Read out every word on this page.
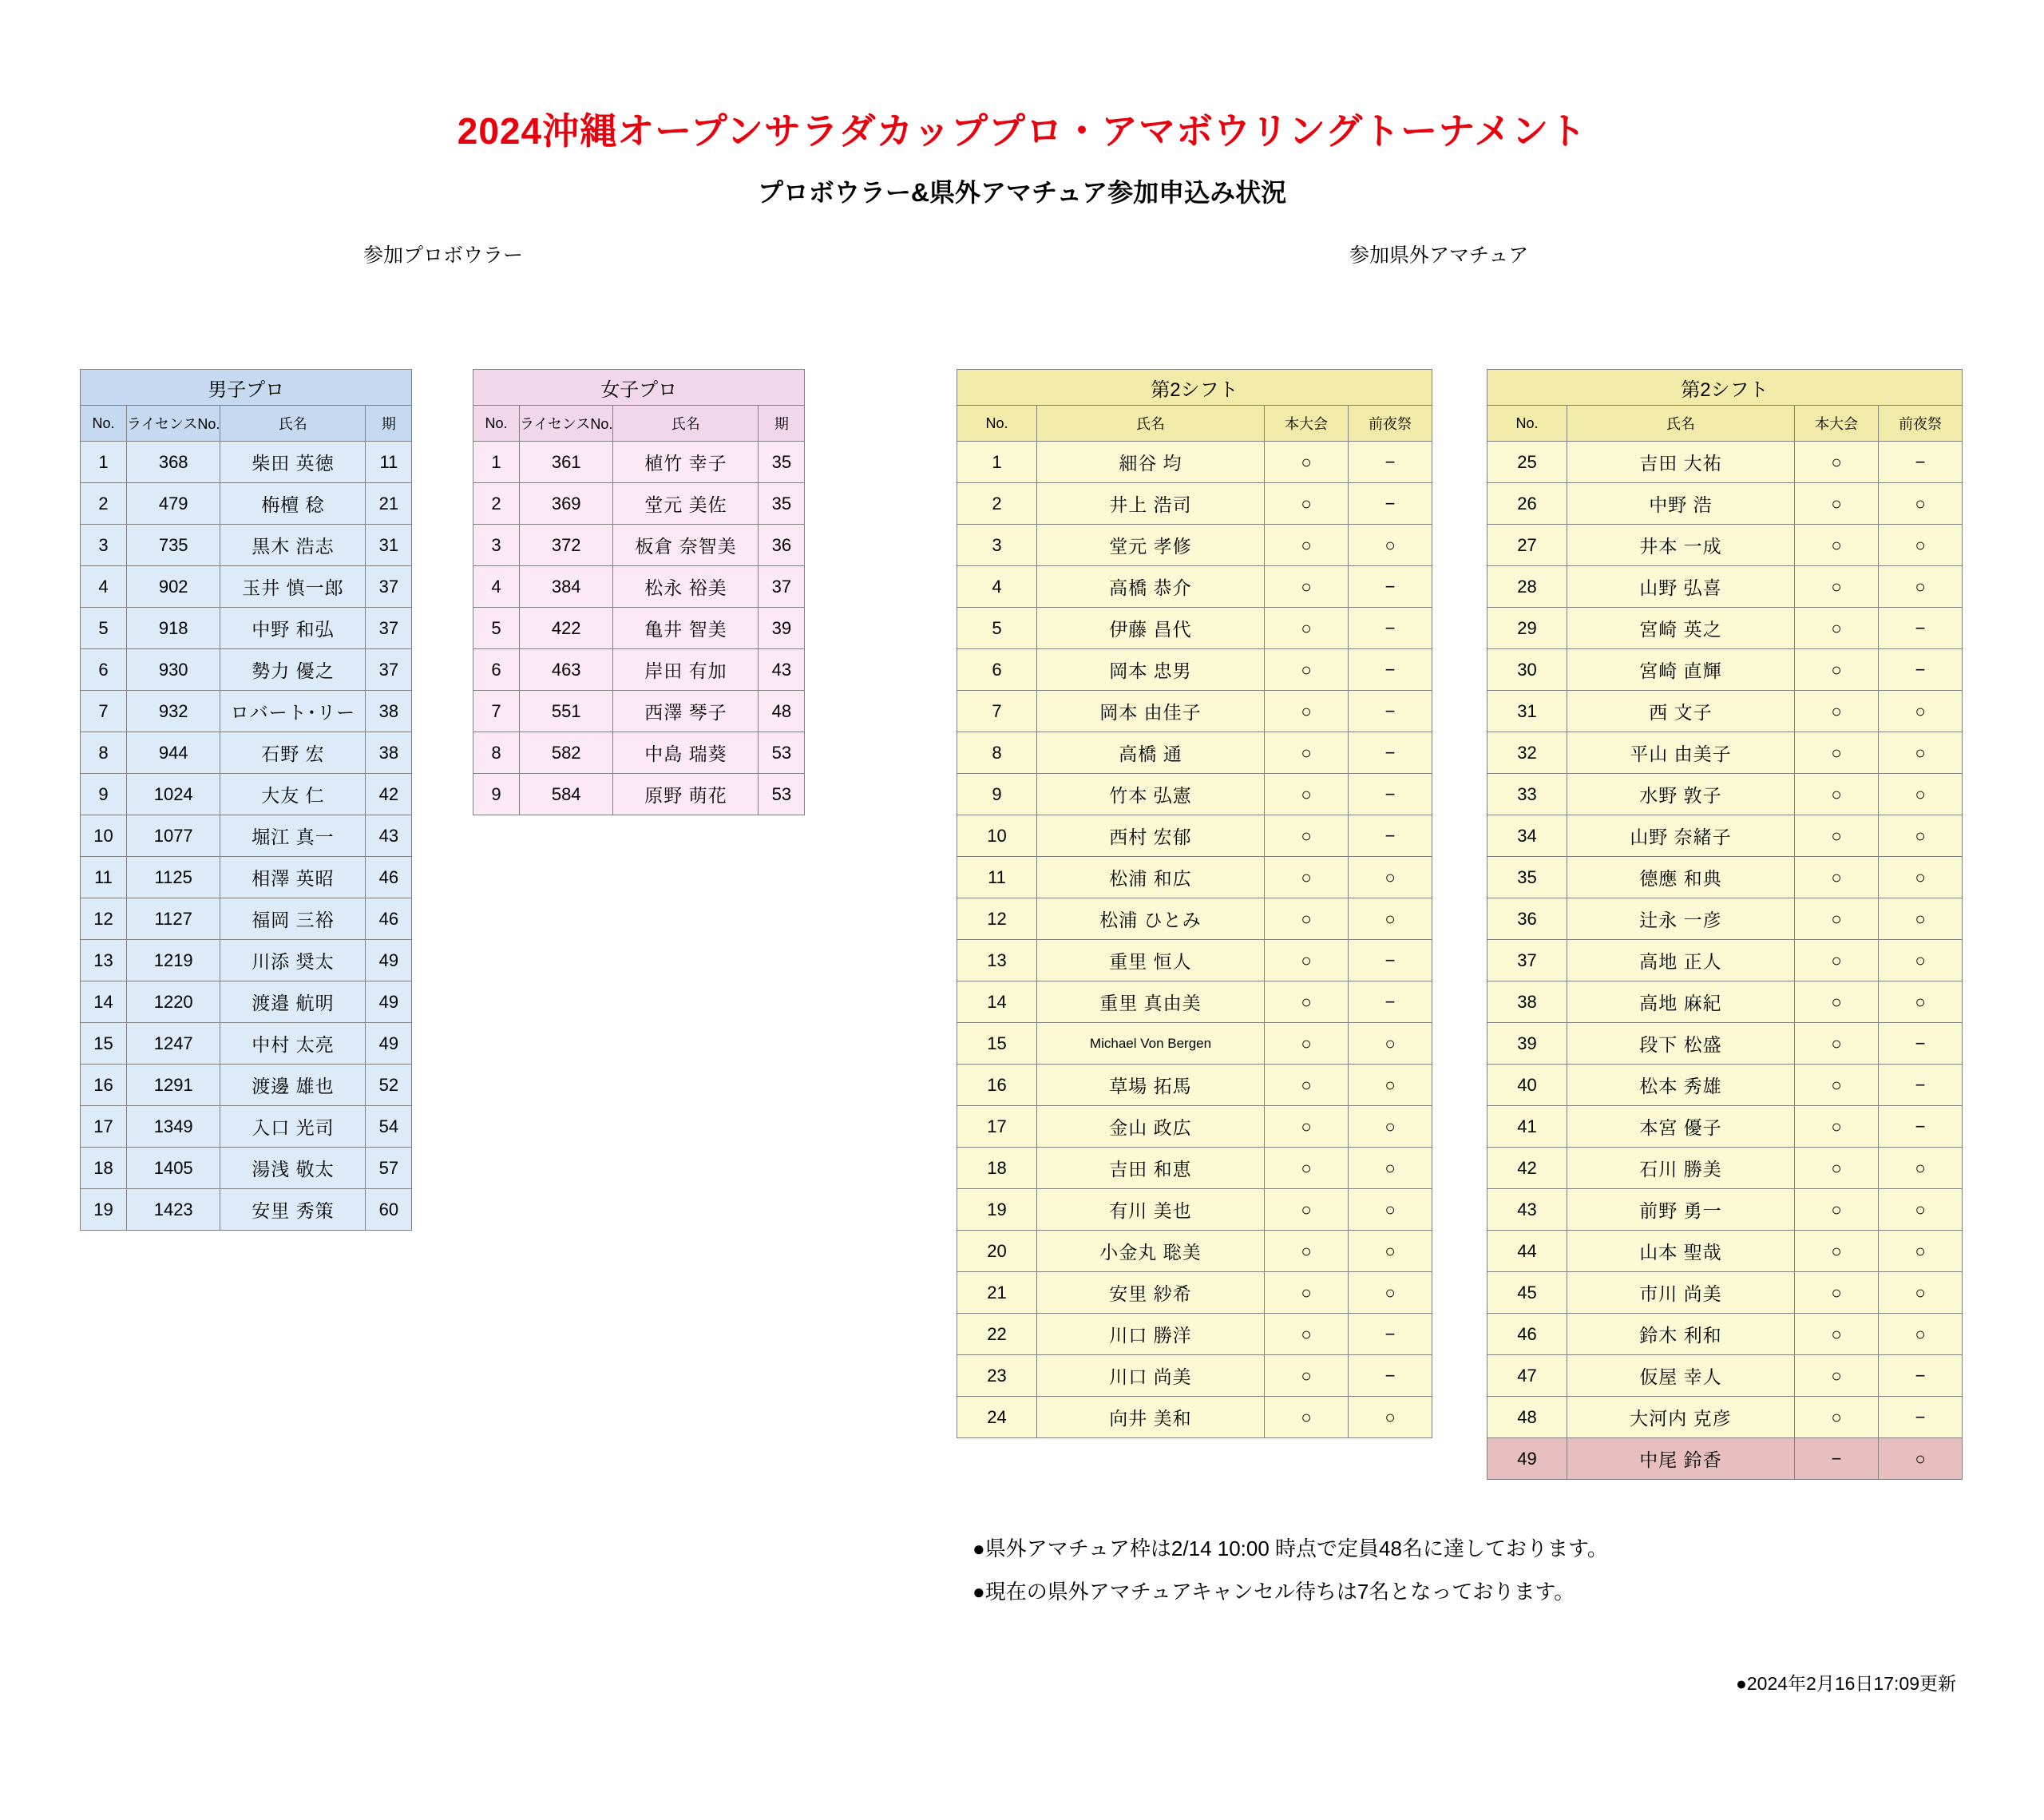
2024沖縄オープンサラダカッププロ・アマボウリングトーナメント
プロボウラー&県外アマチュア参加申込み状況
参加プロボウラー	参加県外アマチュア
男子プロ			
No.	ライセンスNo.	氏名	期
1	368	柴田 英徳	11
2	479	栴檀 稔	21
3	735	黒木 浩志	31
4	902	玉井 慎一郎	37
5	918	中野 和弘	37
6	930	勢力 優之	37
7	932	ロバート･リー	38
8	944	石野 宏	38
9	1024	大友 仁	42
10	1077	堀江 真一	43
11	1125	相澤 英昭	46
12	1127	福岡 三裕	46
13	1219	川添 奨太	49
14	1220	渡邉 航明	49
15	1247	中村 太亮	49
16	1291	渡邊 雄也	52
17	1349	入口 光司	54
18	1405	湯浅 敬太	57
19	1423	安里 秀策	60
女子プロ			
No.	ライセンスNo.	氏名	期
1	361	植竹 幸子	35
2	369	堂元 美佐	35
3	372	板倉 奈智美	36
4	384	松永 裕美	37
5	422	亀井 智美	39
6	463	岸田 有加	43
7	551	西澤 琴子	48
8	582	中島 瑞葵	53
9	584	原野 萌花	53
第2シフト			
No.	氏名	本大会	前夜祭
1	細谷 均	○	−
2	井上 浩司	○	−
3	堂元 孝修	○	○
4	高橋 恭介	○	−
5	伊藤 昌代	○	−
6	岡本 忠男	○	−
7	岡本 由佳子	○	−
8	高橋 通	○	−
9	竹本 弘憲	○	−
10	西村 宏郁	○	−
11	松浦 和広	○	○
12	松浦 ひとみ	○	○
13	重里 恒人	○	−
14	重里 真由美	○	−
15	Michael Von Bergen	○	○
16	草場 拓馬	○	○
17	金山 政広	○	○
18	吉田 和恵	○	○
19	有川 美也	○	○
20	小金丸 聡美	○	○
21	安里 紗希	○	○
22	川口 勝洋	○	−
23	川口 尚美	○	−
24	向井 美和	○	○
第2シフト			
No.	氏名	本大会	前夜祭
25	吉田 大祐	○	−
26	中野 浩	○	○
27	井本 一成	○	○
28	山野 弘喜	○	○
29	宮崎 英之	○	−
30	宮崎 直輝	○	−
31	西 文子	○	○
32	平山 由美子	○	○
33	水野 敦子	○	○
34	山野 奈緒子	○	○
35	德應 和典	○	○
36	辻永 一彦	○	○
37	高地 正人	○	○
38	高地 麻紀	○	○
39	段下 松盛	○	−
40	松本 秀雄	○	−
41	本宮 優子	○	−
42	石川 勝美	○	○
43	前野 勇一	○	○
44	山本 聖哉	○	○
45	市川 尚美	○	○
46	鈴木 利和	○	○
47	仮屋 幸人	○	−
48	大河内 克彦	○	−
49	中尾 鈴香	−	○
●県外アマチュア枠は2/14 10:00 時点で定員48名に達しております。
●現在の県外アマチュアキャンセル待ちは7名となっております。
●2024年2月16日17:09更新
